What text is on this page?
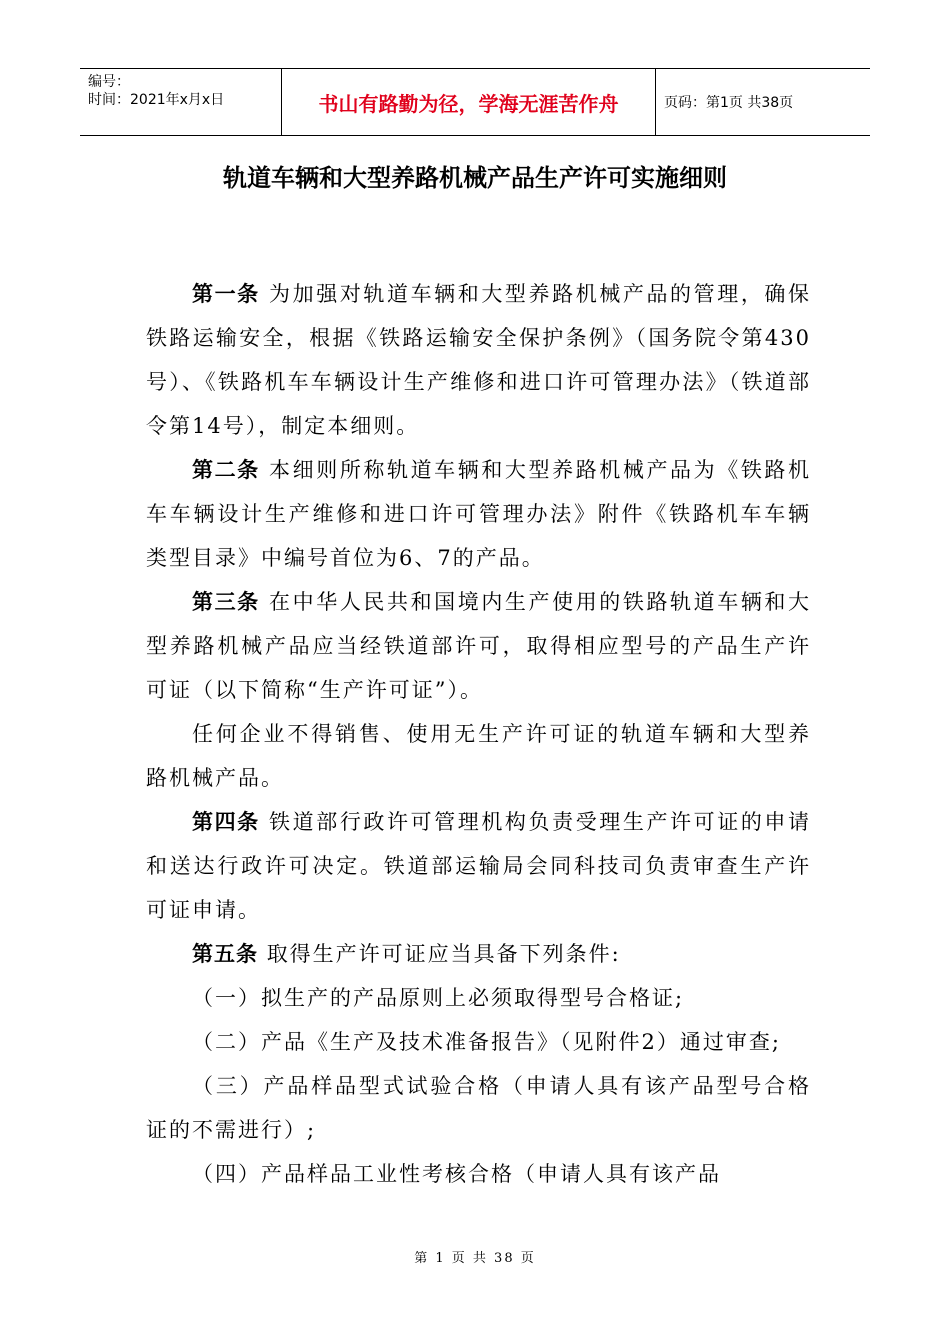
编号：
时间：2021年x月x日	书山有路勤为径，学海无涯苦作舟	页码：第1页 共38页
轨道车辆和大型养路机械产品生产许可实施细则

第一条 为加强对轨道车辆和大型养路机械产品的管理，确保铁路运输安全，根据《铁路运输安全保护条例》（国务院令第430号）、《铁路机车车辆设计生产维修和进口许可管理办法》（铁道部令第14号），制定本细则。

第二条 本细则所称轨道车辆和大型养路机械产品为《铁路机车车辆设计生产维修和进口许可管理办法》附件《铁路机车车辆类型目录》中编号首位为6、7的产品。

第三条 在中华人民共和国境内生产使用的铁路轨道车辆和大型养路机械产品应当经铁道部许可，取得相应型号的产品生产许可证（以下简称“生产许可证”）。

任何企业不得销售、使用无生产许可证的轨道车辆和大型养路机械产品。

第四条 铁道部行政许可管理机构负责受理生产许可证的申请和送达行政许可决定。铁道部运输局会同科技司负责审查生产许可证申请。

第五条 取得生产许可证应当具备下列条件:

（一）拟生产的产品原则上必须取得型号合格证;

（二）产品《生产及技术准备报告》（见附件2）通过审查;

（三）产品样品型式试验合格（申请人具有该产品型号合格证的不需进行）;

（四）产品样品工业性考核合格（申请人具有该产品

第 1 页 共 38 页
